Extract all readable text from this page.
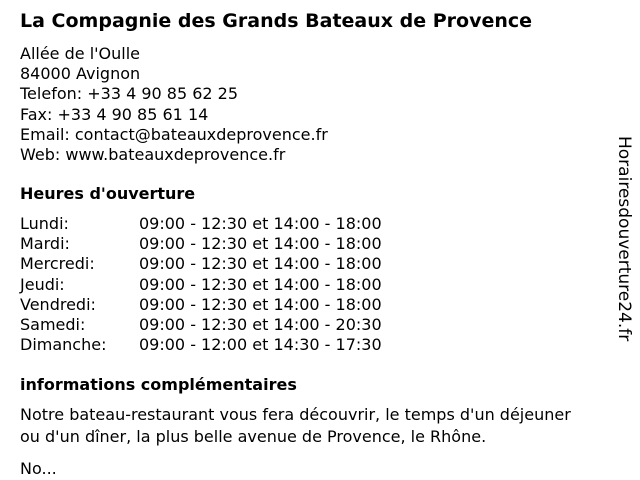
La Compagnie des Grands Bateaux de Provence
Allée de l'Oulle
84000 Avignon
Telefon: +33 4 90 85 62 25
Fax: +33 4 90 85 61 14
Email: contact@bateauxdeprovence.fr
Web: www.bateauxdeprovence.fr
Heures d'ouverture
Lundi:	09:00 - 12:30 et 14:00 - 18:00
Mardi:	09:00 - 12:30 et 14:00 - 18:00
Mercredi:	09:00 - 12:30 et 14:00 - 18:00
Jeudi:	09:00 - 12:30 et 14:00 - 18:00
Vendredi:	09:00 - 12:30 et 14:00 - 18:00
Samedi:	09:00 - 12:30 et 14:00 - 20:30
Dimanche: 09:00 - 12:00 et 14:30 - 17:30
informations complémentaires
Notre bateau-restaurant vous fera découvrir, le temps d'un déjeuner ou d'un dîner, la plus belle avenue de Provence, le Rhône.
No...
Horairesdouverture24.fr
